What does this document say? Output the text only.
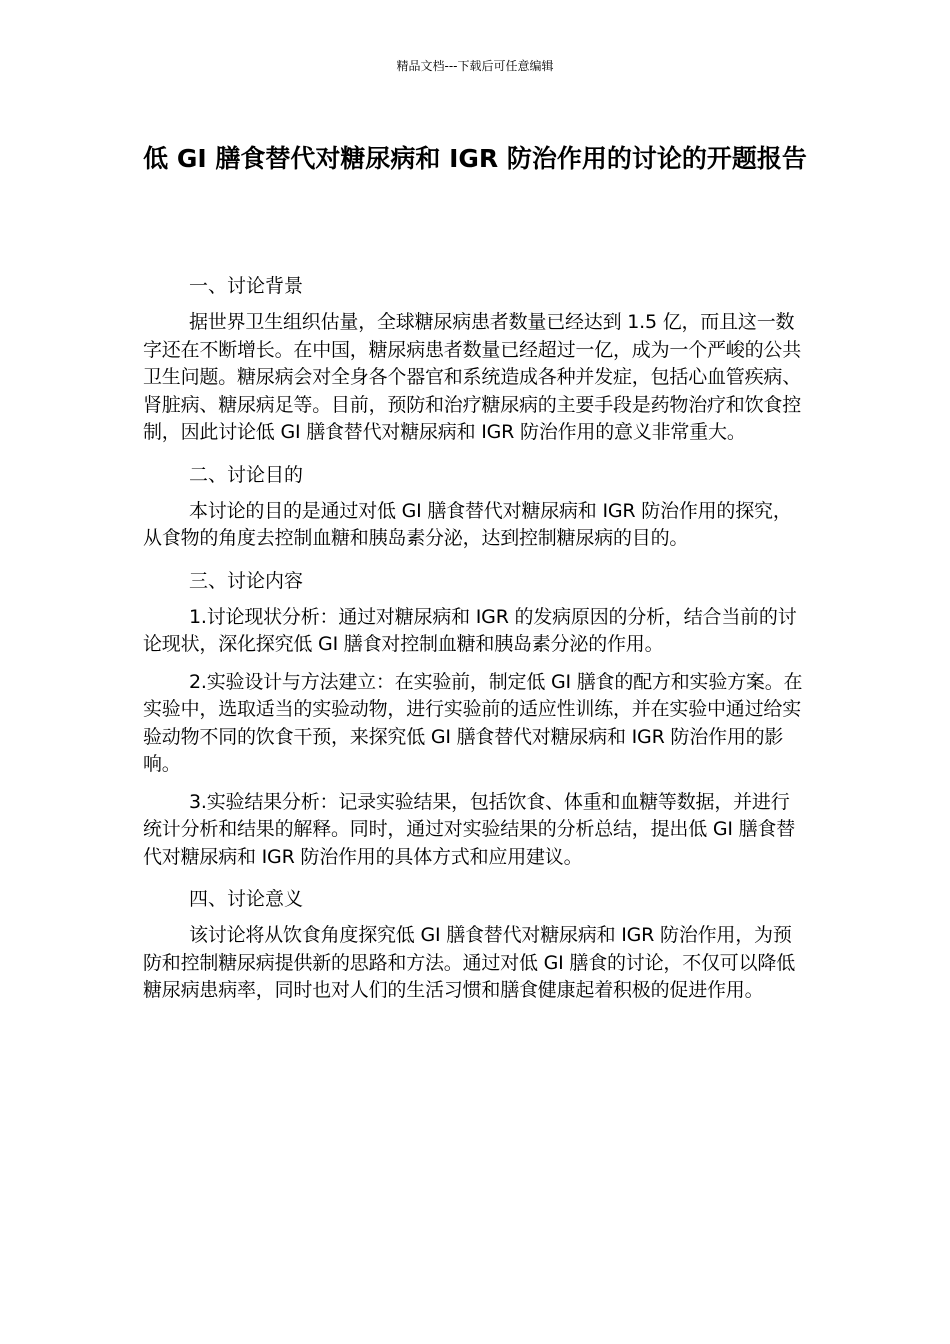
精品文档---下载后可任意编辑
低 GI 膳食替代对糖尿病和 IGR 防治作用的讨论的开题报告
一、讨论背景

据世界卫生组织估量，全球糖尿病患者数量已经达到 1.5 亿，而且这一数字还在不断增长。在中国，糖尿病患者数量已经超过一亿，成为一个严峻的公共卫生问题。糖尿病会对全身各个器官和系统造成各种并发症，包括心血管疾病、肾脏病、糖尿病足等。目前，预防和治疗糖尿病的主要手段是药物治疗和饮食控制，因此讨论低 GI 膳食替代对糖尿病和 IGR 防治作用的意义非常重大。

二、讨论目的

本讨论的目的是通过对低 GI 膳食替代对糖尿病和 IGR 防治作用的探究，从食物的角度去控制血糖和胰岛素分泌，达到控制糖尿病的目的。

三、讨论内容

1.讨论现状分析：通过对糖尿病和 IGR 的发病原因的分析，结合当前的讨论现状，深化探究低 GI 膳食对控制血糖和胰岛素分泌的作用。

2.实验设计与方法建立：在实验前，制定低 GI 膳食的配方和实验方案。在实验中，选取适当的实验动物，进行实验前的适应性训练，并在实验中通过给实验动物不同的饮食干预，来探究低 GI 膳食替代对糖尿病和 IGR 防治作用的影响。

3.实验结果分析：记录实验结果，包括饮食、体重和血糖等数据，并进行统计分析和结果的解释。同时，通过对实验结果的分析总结，提出低 GI 膳食替代对糖尿病和 IGR 防治作用的具体方式和应用建议。

四、讨论意义

该讨论将从饮食角度探究低 GI 膳食替代对糖尿病和 IGR 防治作用，为预防和控制糖尿病提供新的思路和方法。通过对低 GI 膳食的讨论，不仅可以降低糖尿病患病率，同时也对人们的生活习惯和膳食健康起着积极的促进作用。
